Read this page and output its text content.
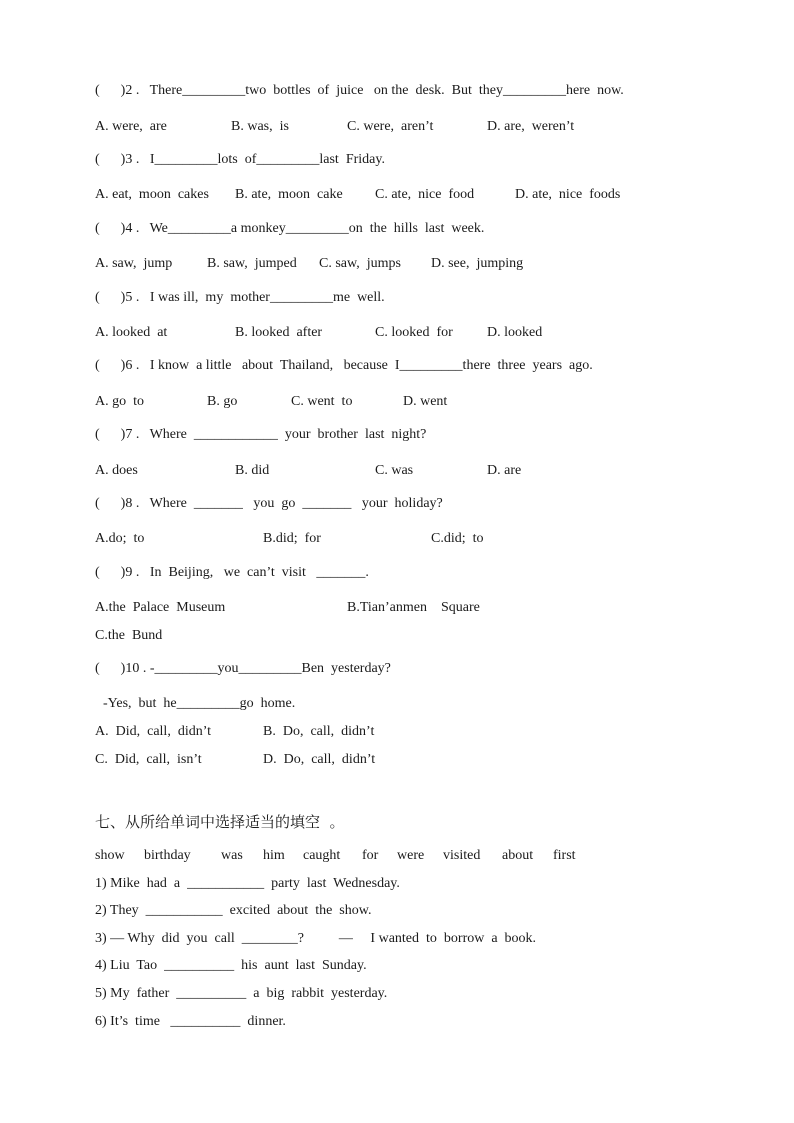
(      )2 .   There_________two  bottles  of  juice   on the  desk.  But  they_________here  now.
A. were,  are	B. was,  is	C. were,  aren’t	D. are,  weren’t
(      )3 .   I_________lots  of_________last  Friday.
A. eat,  moon  cakes B. ate,  moon  cake C. ate,  nice  food	D. ate,  nice  foods
(      )4 .   We_________a monkey_________on  the  hills  last  week.
A. saw,  jump B. saw,  jumped C. saw,  jumps D. see,  jumping
(      )5 .   I was ill,  my  mother_________me  well.
A. looked  at	B. looked  after	C. looked  for D. looked
(      )6 .   I know  a little   about  Thailand,   because  I_________there  three  years  ago.
A. go  to	B. go	C. went  to	D. went
(      )7 .   Where  ____________  your  brother  last  night?
A. does	B. did	C. was	D. are
(      )8 .   Where  _______   you  go  _______   your  holiday?
A.do;  to	B.did;  for	C.did;  to
(      )9 .   In  Beijing,   we  can’t  visit   _______.
A.the  Palace  Museum	B.Tian’anmen    Square
C.the  Bund
(      )10 . -_________you_________Ben  yesterday?
-Yes,  but  he_________go  home.
A.  Did,  call,  didn’t	B.  Do,  call,  didn’t
C.  Did,  call,  isn’t	D.  Do,  call,  didn’t
七、从所给单词中选择适当的填空  。
show birthday was him caught for were visited about first
1) Mike  had  a  ___________  party  last  Wednesday.
2) They  ___________  excited  about  the  show.
3) — Why  did  you  call  ________?          —     I wanted  to  borrow  a  book.
4) Liu  Tao  __________  his  aunt  last  Sunday.
5) My  father  __________  a  big  rabbit  yesterday.
6) It’s  time   __________  dinner.
